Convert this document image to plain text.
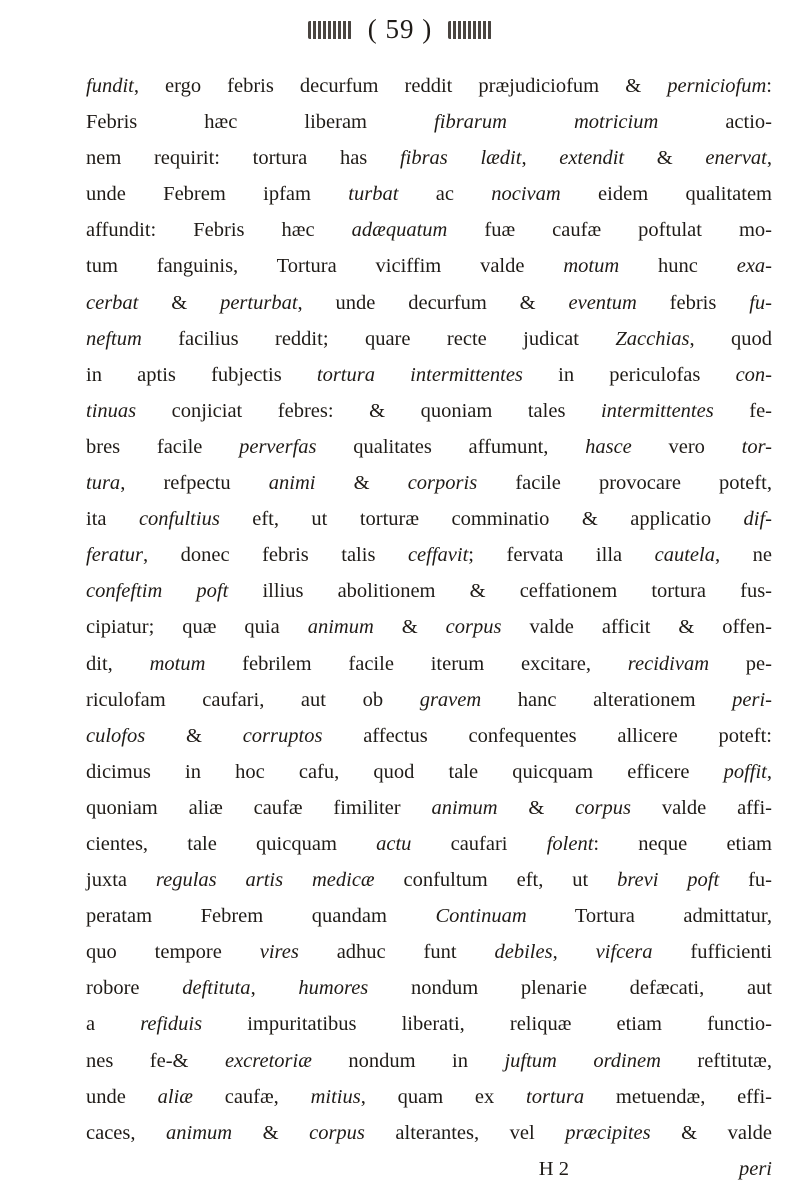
( 59 )
fundit, ergo febris decurfum reddit præjudiciofum & perniciofum:
Febris hæc liberam fibrarum motricium actio-
nem requirit: tortura has fibras lædit, extendit & enervat,
unde Febrem ipfam turbat ac nocivam eidem qualitatem
affundit: Febris hæc adæquatum fuæ caufæ poftulat mo-
tum fanguinis, Tortura viciffim valde motum hunc exa-
cerbat & perturbat, unde decurfum & eventum febris fu-
neftum facilius reddit; quare recte judicat Zacchias, quod
in aptis fubjectis tortura intermittentes in periculofas con-
tinuas conjiciat febres: & quoniam tales intermittentes fe-
bres facile perverfas qualitates affumunt, hasce vero tor-
tura, refpectu animi & corporis facile provocare poteft,
ita confultius eft, ut torturæ comminatio & applicatio dif-
feratur, donec febris talis ceffavit; fervata illa cautela, ne
confeftim poft illius abolitionem & ceffationem tortura fus-
cipiatur; quæ quia animum & corpus valde afficit & offen-
dit, motum febrilem facile iterum excitare, recidivam pe-
riculofam caufari, aut ob gravem hanc alterationem peri-
culofos & corruptos affectus confequentes allicere poteft:
dicimus in hoc cafu, quod tale quicquam efficere poffit,
quoniam aliæ caufæ fimiliter animum & corpus valde affi-
cientes, tale quicquam actu caufari folent: neque etiam
juxta regulas artis medicæ confultum eft, ut brevi poft fu-
peratam Febrem quandam Continuam Tortura admittatur,
quo tempore vires adhuc funt debiles, vifcera fufficienti
robore deftituta, humores nondum plenarie defæcati, aut
a refiduis impuritatibus liberati, reliquæ etiam functio-
nes fe-& excretoriæ nondum in juftum ordinem reftitutæ,
unde aliæ caufæ, mitius, quam ex tortura metuendæ, effi-
caces, animum & corpus alterantes, vel præcipites & valde
H 2	peri
